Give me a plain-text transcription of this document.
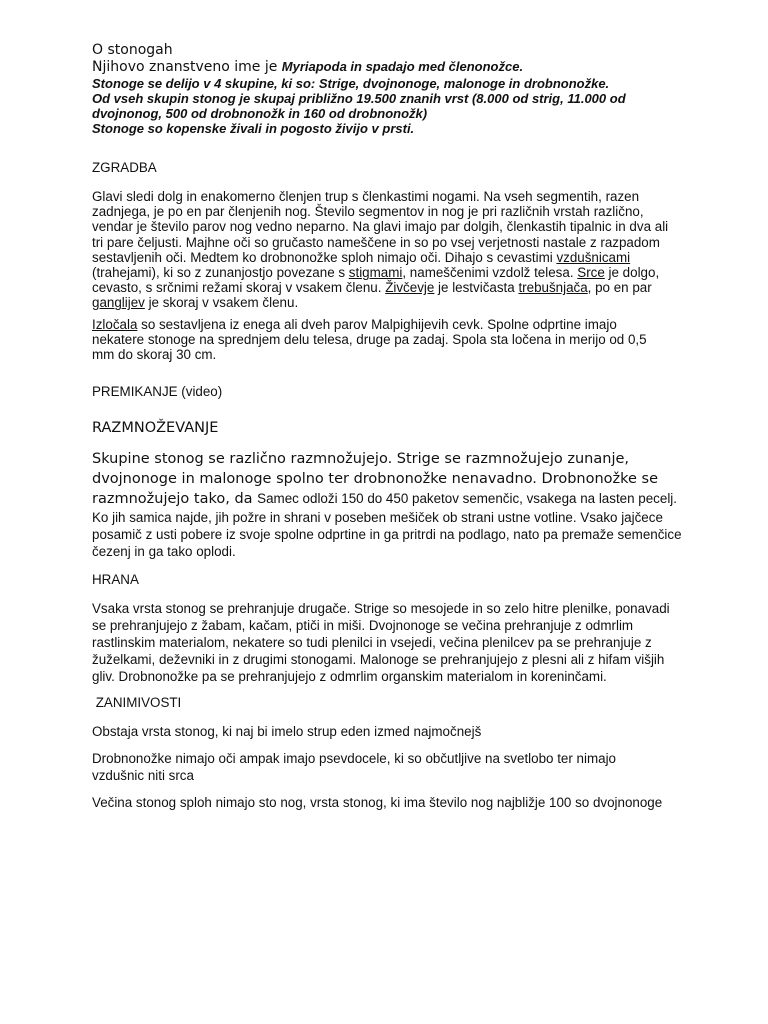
O stonogah
Njihovo znanstveno ime je Myriapoda in spadajo med členonožce.
Stonoge se delijo v 4 skupine, ki so: Strige, dvojnonoge, malonoge in drobnonožke.
Od vseh skupin stonog je skupaj približno 19.500 znanih vrst (8.000 od strig, 11.000 od dvojnonog, 500 od drobnonožk in 160 od drobnonožk)
Stonoge so kopenske živali in pogosto živijo v prsti.

ZGRADBA

Glavi sledi dolg in enakomerno členjen trup s členkastimi nogami. Na vseh segmentih, razen zadnjega, je po en par členjenih nog. Število segmentov in nog je pri različnih vrstah različno, vendar je število parov nog vedno neparno. Na glavi imajo par dolgih, členkastih tipalnic in dva ali tri pare čeljusti. Majhne oči so gručasto nameščene in so po vsej verjetnosti nastale z razpadom sestavljenih oči. Medtem ko drobnonožke sploh nimajo oči. Dihajo s cevastimi vzdušnicami (trahejami), ki so z zunanjostjo povezane s stigmami, nameščenimi vzdolž telesa. Srce je dolgo, cevasto, s srčnimi režami skoraj v vsakem členu. Živčevje je lestvičasta trebušnjača, po en par ganglijev je skoraj v vsakem členu.

Izločala so sestavljena iz enega ali dveh parov Malpighijevih cevk. Spolne odprtine imajo nekatere stonoge na sprednjem delu telesa, druge pa zadaj. Spola sta ločena in merijo od 0,5 mm do skoraj 30 cm.

PREMIKANJE (video)

RAZMNOŽEVANJE

Skupine stonog se različno razmnožujejo. Strige se razmnožujejo zunanje, dvojnonoge in malonoge spolno ter drobnonožke nenavadno. Drobnonožke se razmnožujejo tako, da Samec odloži 150 do 450 paketov semenčic, vsakega na lasten pecelj. Ko jih samica najde, jih požre in shrani v poseben mešiček ob strani ustne votline. Vsako jajčece posamič z usti pobere iz svoje spolne odprtine in ga pritrdi na podlago, nato pa premaže semenčice čezenj in ga tako oplodi.

HRANA

Vsaka vrsta stonog se prehranjuje drugače. Strige so mesojede in so zelo hitre plenilke, ponavadi se prehranjujejo z žabam, kačam, ptiči in miši. Dvojnonoge se večina prehranjuje z odmrlim rastlinskim materialom, nekatere so tudi plenilci in vsejedi, večina plenilcev pa se prehranjuje z žuželkami, deževniki in z drugimi stonogami. Malonoge se prehranjujejo z plesni ali z hifam višjih gliv. Drobnonožke pa se prehranjujejo z odmrlim organskim materialom in koreninčami.

ZANIMIVOSTI

Obstaja vrsta stonog, ki naj bi imelo strup eden izmed najmočnejš

Drobnonožke nimajo oči ampak imajo psevdocele, ki so občutljive na svetlobo ter nimajo vzdušnic niti srca

Večina stonog sploh nimajo sto nog, vrsta stonog, ki ima število nog najbližje 100 so dvojnonoge
